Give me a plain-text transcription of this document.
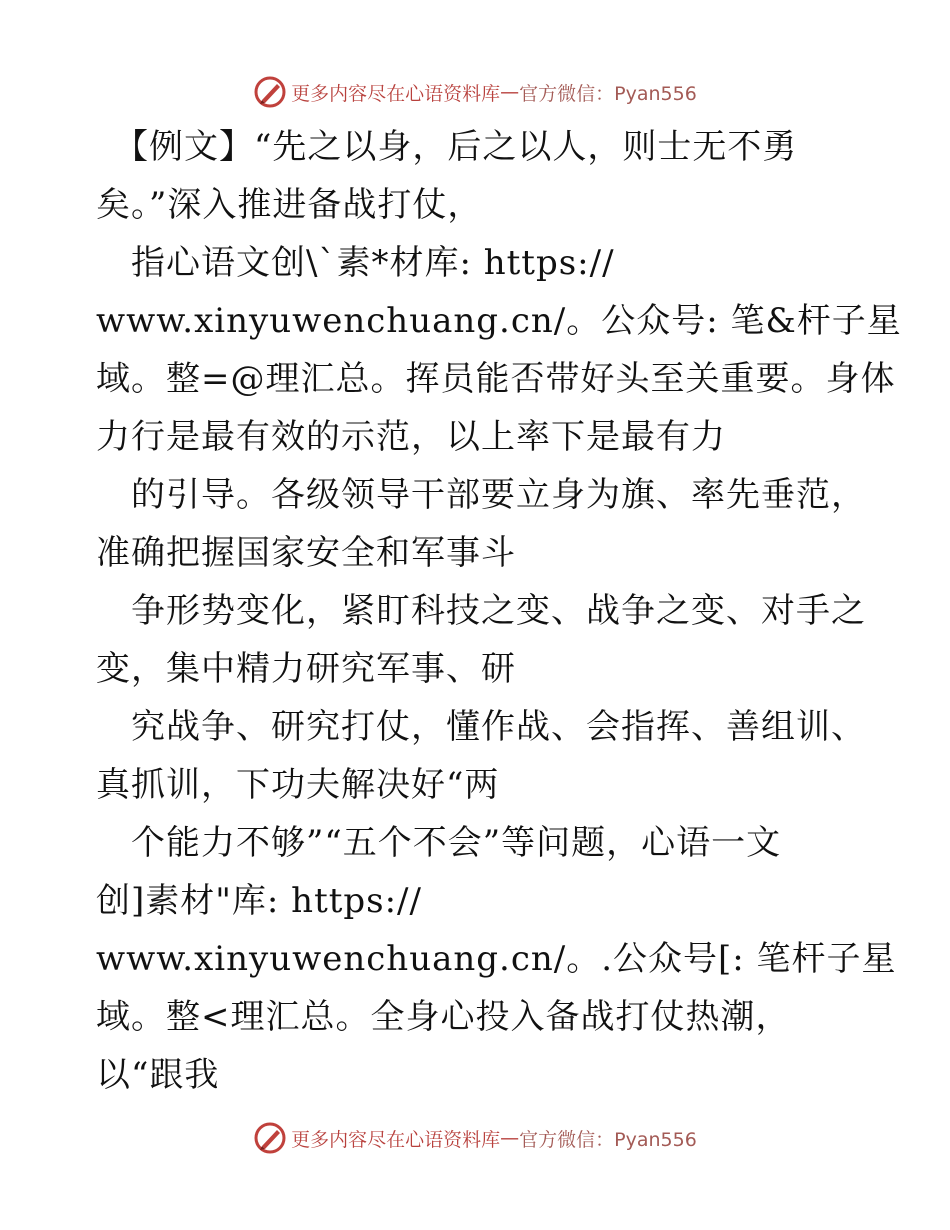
更多内容尽在心语资料库 — 官方微信：Pyan556
　【例文】“先之以身，后之以人，则士无不勇
矣。”深入推进备战打仗，
　指心语文创\`素*材库: https://
www.xinyuwenchuang.cn/。公众号: 笔&杆子星
域。整=@理汇总。挥员能否带好头至关重要。身体
力行是最有效的示范，以上率下是最有力
　的引导。各级领导干部要立身为旗、率先垂范，
准确把握国家安全和军事斗
　争形势变化，紧盯科技之变、战争之变、对手之
变，集中精力研究军事、研
　究战争、研究打仗，懂作战、会指挥、善组训、
真抓训，下功夫解决好“两
　个能力不够”“五个不会”等问题，心语一文
创]素材"库: https://
www.xinyuwenchuang.cn/。.公众号[: 笔杆子星
域。整<理汇总。全身心投入备战打仗热潮，
以“跟我
更多内容尽在心语资料库 — 官方微信：Pyan556
